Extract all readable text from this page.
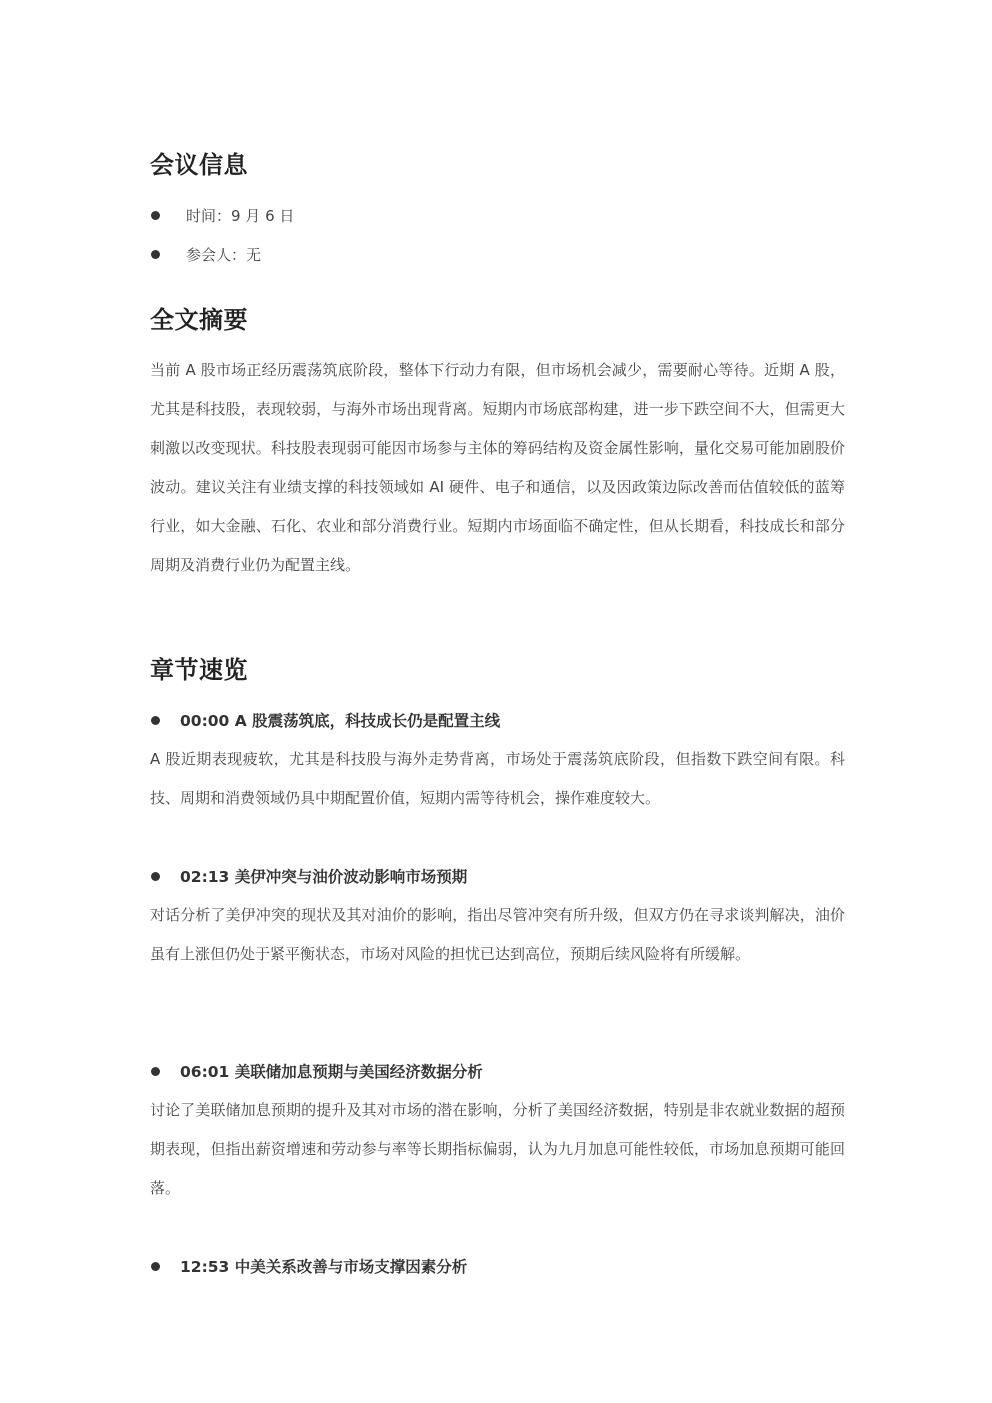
会议信息
时间：9 月 6 日
参会人：无
全文摘要

当前 A 股市场正经历震荡筑底阶段，整体下行动力有限，但市场机会减少，需要耐心等待。近期 A 股，尤其是科技股，表现较弱，与海外市场出现背离。短期内市场底部构建，进一步下跌空间不大，但需更大刺激以改变现状。科技股表现弱可能因市场参与主体的筹码结构及资金属性影响，量化交易可能加剧股价波动。建议关注有业绩支撑的科技领域如 AI 硬件、电子和通信，以及因政策边际改善而估值较低的蓝筹行业，如大金融、石化、农业和部分消费行业。短期内市场面临不确定性，但从长期看，科技成长和部分周期及消费行业仍为配置主线。

章节速览
00:00 A 股震荡筑底，科技成长仍是配置主线

A 股近期表现疲软，尤其是科技股与海外走势背离，市场处于震荡筑底阶段，但指数下跌空间有限。科技、周期和消费领域仍具中期配置价值，短期内需等待机会，操作难度较大。

02:13 美伊冲突与油价波动影响市场预期

对话分析了美伊冲突的现状及其对油价的影响，指出尽管冲突有所升级，但双方仍在寻求谈判解决，油价虽有上涨但仍处于紧平衡状态，市场对风险的担忧已达到高位，预期后续风险将有所缓解。

06:01 美联储加息预期与美国经济数据分析

讨论了美联储加息预期的提升及其对市场的潜在影响，分析了美国经济数据，特别是非农就业数据的超预期表现，但指出薪资增速和劳动参与率等长期指标偏弱，认为九月加息可能性较低，市场加息预期可能回落。

12:53 中美关系改善与市场支撑因素分析
